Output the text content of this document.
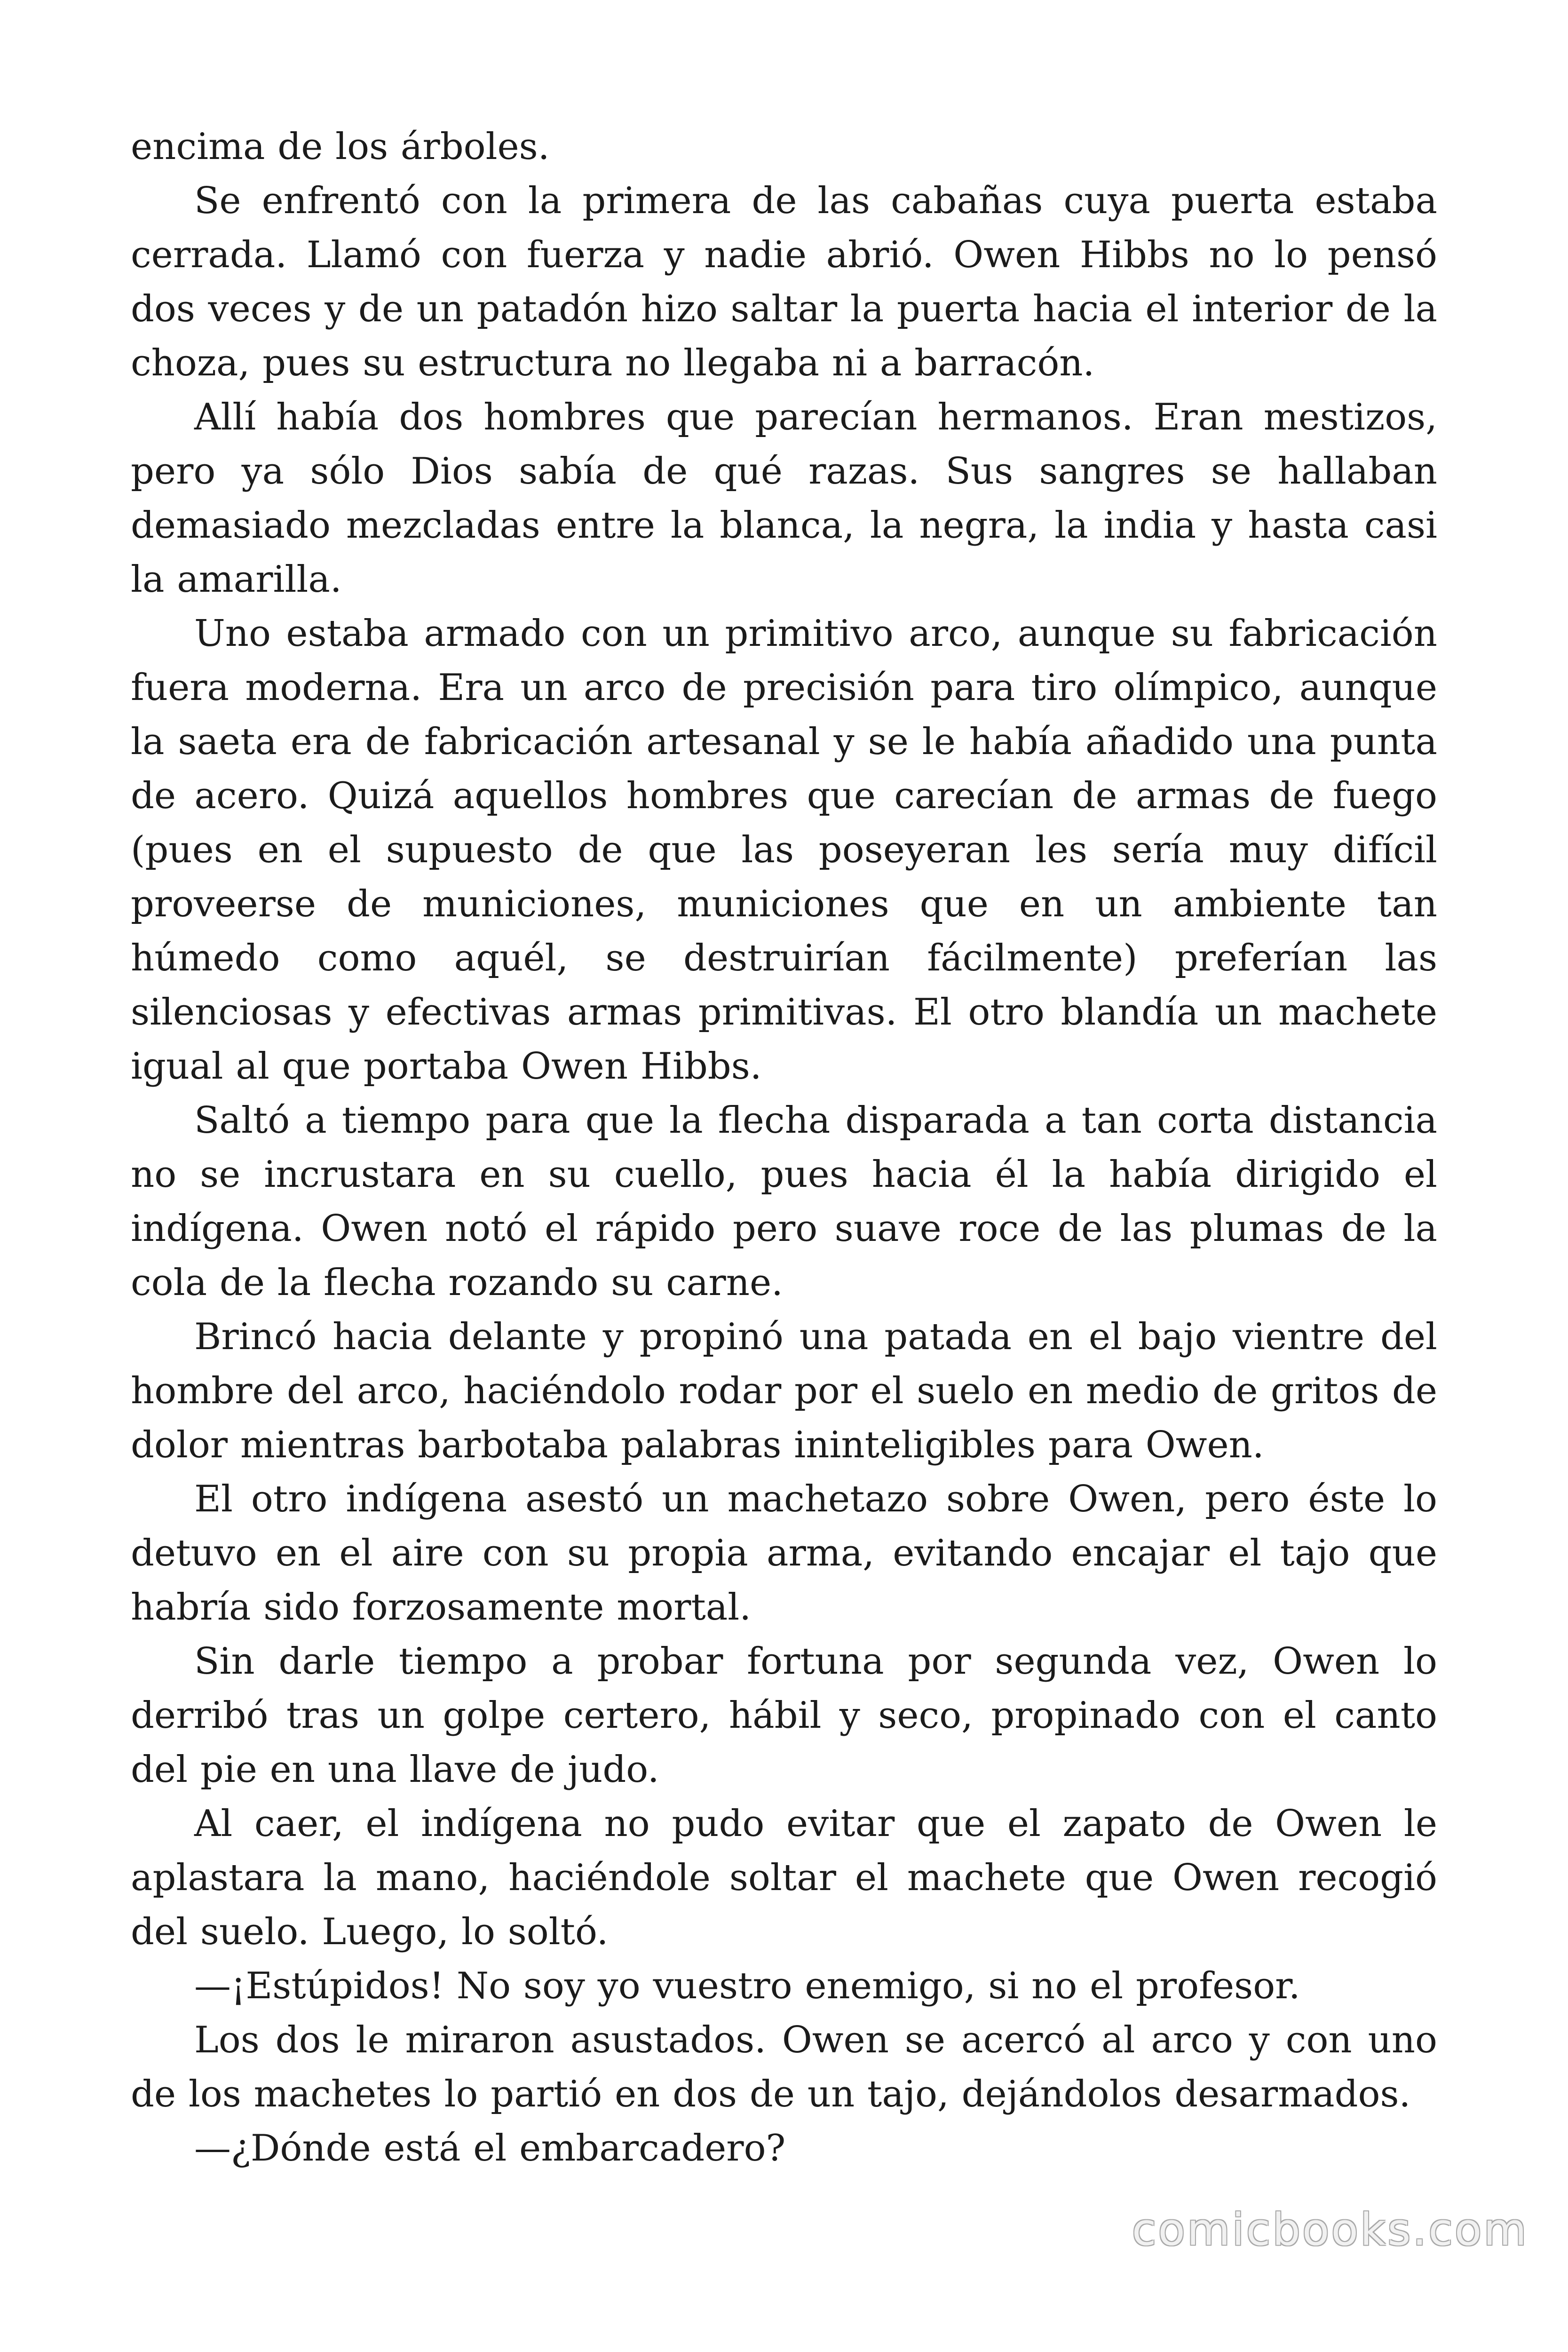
encima de los árboles.

Se enfrentó con la primera de las cabañas cuya puerta estaba cerrada. Llamó con fuerza y nadie abrió. Owen Hibbs no lo pensó dos veces y de un patadón hizo saltar la puerta hacia el interior de la choza, pues su estructura no llegaba ni a barracón.

Allí había dos hombres que parecían hermanos. Eran mestizos, pero ya sólo Dios sabía de qué razas. Sus sangres se hallaban demasiado mezcladas entre la blanca, la negra, la india y hasta casi la amarilla.

Uno estaba armado con un primitivo arco, aunque su fabricación fuera moderna. Era un arco de precisión para tiro olímpico, aunque la saeta era de fabricación artesanal y se le había añadido una punta de acero. Quizá aquellos hombres que carecían de armas de fuego (pues en el supuesto de que las poseyeran les sería muy difícil proveerse de municiones, municiones que en un ambiente tan húmedo como aquél, se destruirían fácilmente) preferían las silenciosas y efectivas armas primitivas. El otro blandía un machete igual al que portaba Owen Hibbs.

Saltó a tiempo para que la flecha disparada a tan corta distancia no se incrustara en su cuello, pues hacia él la había dirigido el indígena. Owen notó el rápido pero suave roce de las plumas de la cola de la flecha rozando su carne.

Brincó hacia delante y propinó una patada en el bajo vientre del hombre del arco, haciéndolo rodar por el suelo en medio de gritos de dolor mientras barbotaba palabras ininteligibles para Owen.

El otro indígena asestó un machetazo sobre Owen, pero éste lo detuvo en el aire con su propia arma, evitando encajar el tajo que habría sido forzosamente mortal.

Sin darle tiempo a probar fortuna por segunda vez, Owen lo derribó tras un golpe certero, hábil y seco, propinado con el canto del pie en una llave de judo.

Al caer, el indígena no pudo evitar que el zapato de Owen le aplastara la mano, haciéndole soltar el machete que Owen recogió del suelo. Luego, lo soltó.

—¡Estúpidos! No soy yo vuestro enemigo, si no el profesor.

Los dos le miraron asustados. Owen se acercó al arco y con uno de los machetes lo partió en dos de un tajo, dejándolos desarmados.

—¿Dónde está el embarcadero?

comicbooks.com
